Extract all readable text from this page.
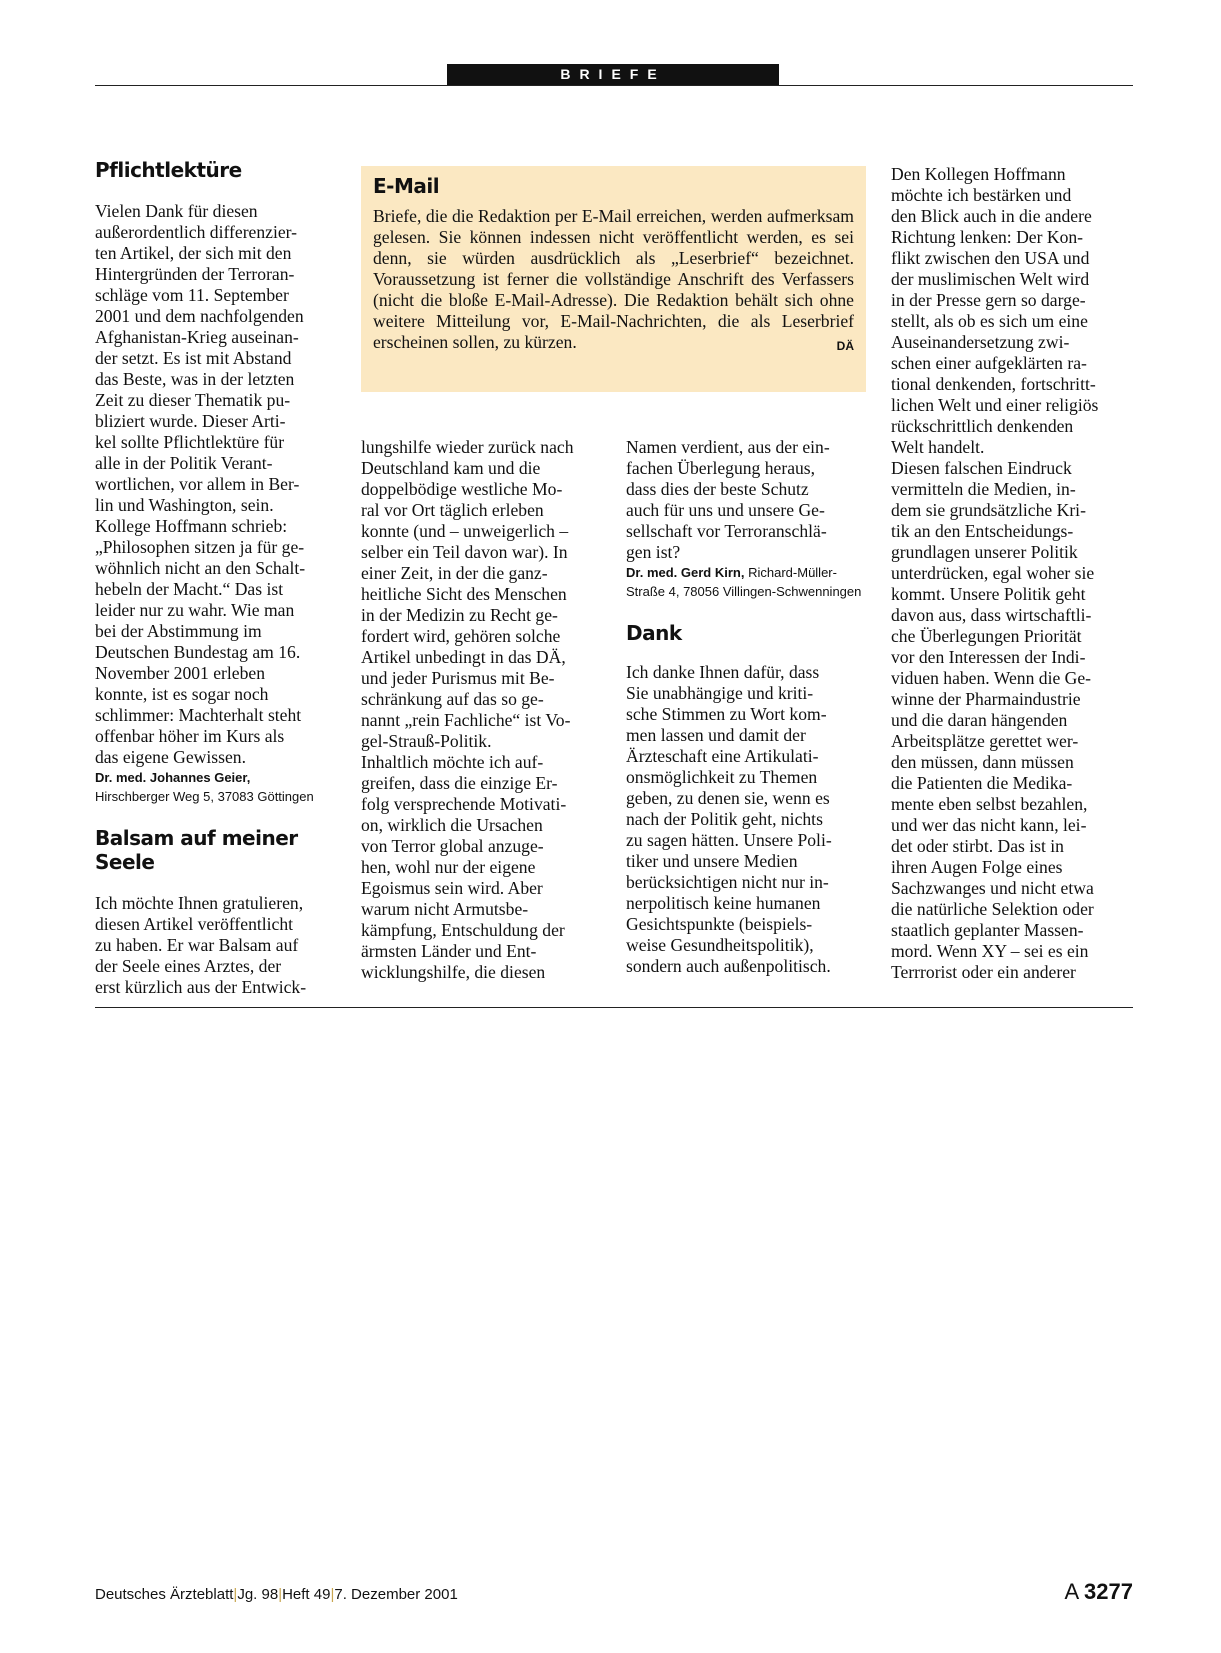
BRIEFE
Pflichtlektüre
Vielen Dank für diesen
außerordentlich differenzier-
ten Artikel, der sich mit den
Hintergründen der Terroran-
schläge vom 11. September
2001 und dem nachfolgenden
Afghanistan-Krieg auseinan-
der setzt. Es ist mit Abstand
das Beste, was in der letzten
Zeit zu dieser Thematik pu-
bliziert wurde. Dieser Arti-
kel sollte Pflichtlektüre für
alle in der Politik Verant-
wortlichen, vor allem in Ber-
lin und Washington, sein.
Kollege Hoffmann schrieb:
„Philosophen sitzen ja für ge-
wöhnlich nicht an den Schalt-
hebeln der Macht.“ Das ist
leider nur zu wahr. Wie man
bei der Abstimmung im
Deutschen Bundestag am 16.
November 2001 erleben
konnte, ist es sogar noch
schlimmer: Machterhalt steht
offenbar höher im Kurs als
das eigene Gewissen.
Dr. med. Johannes Geier,
Hirschberger Weg 5, 37083 Göttingen
Balsam auf meiner Seele
Ich möchte Ihnen gratulieren,
diesen Artikel veröffentlicht
zu haben. Er war Balsam auf
der Seele eines Arztes, der
erst kürzlich aus der Entwick-
E-Mail
Briefe, die die Redaktion per E-Mail erreichen, werden aufmerksam gelesen. Sie können indessen nicht veröffentlicht werden, es sei denn, sie würden ausdrücklich als „Leserbrief“ bezeichnet. Voraussetzung ist ferner die vollständige Anschrift des Verfassers (nicht die bloße E-Mail-Adresse). Die Redaktion behält sich ohne weitere Mitteilung vor, E-Mail-Nachrichten, die als Leserbrief erscheinen sollen, zu kürzen.	DÄ
lungshilfe wieder zurück nach
Deutschland kam und die
doppelbödige westliche Mo-
ral vor Ort täglich erleben
konnte (und – unweigerlich –
selber ein Teil davon war). In
einer Zeit, in der die ganz-
heitliche Sicht des Menschen
in der Medizin zu Recht ge-
fordert wird, gehören solche
Artikel unbedingt in das DÄ,
und jeder Purismus mit Be-
schränkung auf das so ge-
nannt „rein Fachliche“ ist Vo-
gel-Strauß-Politik.
Inhaltlich möchte ich auf-
greifen, dass die einzige Er-
folg versprechende Motivati-
on, wirklich die Ursachen
von Terror global anzuge-
hen, wohl nur der eigene
Egoismus sein wird. Aber
warum nicht Armutsbe-
kämpfung, Entschuldung der
ärmsten Länder und Ent-
wicklungshilfe, die diesen
Namen verdient, aus der ein-
fachen Überlegung heraus,
dass dies der beste Schutz
auch für uns und unsere Ge-
sellschaft vor Terroranschlä-
gen ist?
Dr. med. Gerd Kirn, Richard-Müller-
Straße 4, 78056 Villingen-Schwenningen
Dank
Ich danke Ihnen dafür, dass
Sie unabhängige und kriti-
sche Stimmen zu Wort kom-
men lassen und damit der
Ärzteschaft eine Artikulati-
onsmöglichkeit zu Themen
geben, zu denen sie, wenn es
nach der Politik geht, nichts
zu sagen hätten. Unsere Poli-
tiker und unsere Medien
berücksichtigen nicht nur in-
nerpolitisch keine humanen
Gesichtspunkte (beispiels-
weise Gesundheitspolitik),
sondern auch außenpolitisch.
Den Kollegen Hoffmann
möchte ich bestärken und
den Blick auch in die andere
Richtung lenken: Der Kon-
flikt zwischen den USA und
der muslimischen Welt wird
in der Presse gern so darge-
stellt, als ob es sich um eine
Auseinandersetzung zwi-
schen einer aufgeklärten ra-
tional denkenden, fortschritt-
lichen Welt und einer religiös
rückschrittlich denkenden
Welt handelt.
Diesen falschen Eindruck
vermitteln die Medien, in-
dem sie grundsätzliche Kri-
tik an den Entscheidungs-
grundlagen unserer Politik
unterdrücken, egal woher sie
kommt. Unsere Politik geht
davon aus, dass wirtschaftli-
che Überlegungen Priorität
vor den Interessen der Indi-
viduen haben. Wenn die Ge-
winne der Pharmaindustrie
und die daran hängenden
Arbeitsplätze gerettet wer-
den müssen, dann müssen
die Patienten die Medika-
mente eben selbst bezahlen,
und wer das nicht kann, lei-
det oder stirbt. Das ist in
ihren Augen Folge eines
Sachzwanges und nicht etwa
die natürliche Selektion oder
staatlich geplanter Massen-
mord. Wenn XY – sei es ein
Terrrorist oder ein anderer
Deutsches Ärzteblatt|Jg. 98|Heft 49|7. Dezember 2001	A 3277
